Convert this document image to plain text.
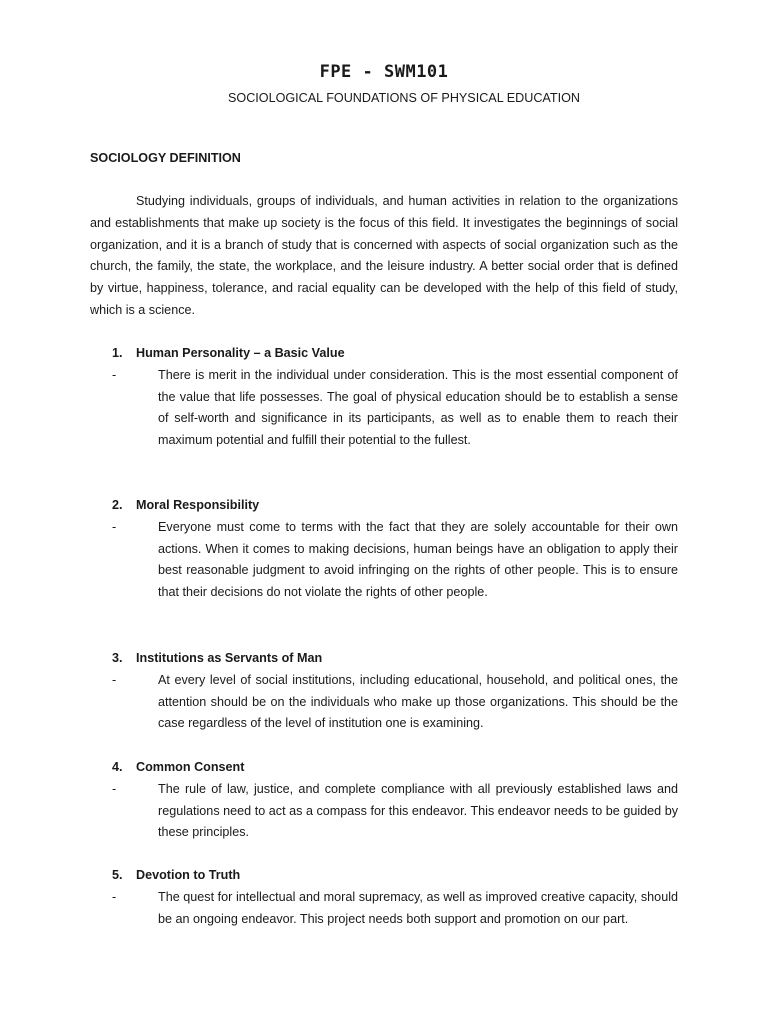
FPE - SWM101
SOCIOLOGICAL FOUNDATIONS OF PHYSICAL EDUCATION
SOCIOLOGY DEFINITION

Studying individuals, groups of individuals, and human activities in relation to the organizations and establishments that make up society is the focus of this field. It investigates the beginnings of social organization, and it is a branch of study that is concerned with aspects of social organization such as the church, the family, the state, the workplace, and the leisure industry. A better social order that is defined by virtue, happiness, tolerance, and racial equality can be developed with the help of this field of study, which is a science.

1. Human Personality – a Basic Value
-	There is merit in the individual under consideration. This is the most essential component of the value that life possesses. The goal of physical education should be to establish a sense of self-worth and significance in its participants, as well as to enable them to reach their maximum potential and fulfill their potential to the fullest.
2. Moral Responsibility
-	Everyone must come to terms with the fact that they are solely accountable for their own actions. When it comes to making decisions, human beings have an obligation to apply their best reasonable judgment to avoid infringing on the rights of other people. This is to ensure that their decisions do not violate the rights of other people.
3. Institutions as Servants of Man
-	At every level of social institutions, including educational, household, and political ones, the attention should be on the individuals who make up those organizations. This should be the case regardless of the level of institution one is examining.
4. Common Consent
-	The rule of law, justice, and complete compliance with all previously established laws and regulations need to act as a compass for this endeavor. This endeavor needs to be guided by these principles.
5. Devotion to Truth
-	The quest for intellectual and moral supremacy, as well as improved creative capacity, should be an ongoing endeavor. This project needs both support and promotion on our part.
